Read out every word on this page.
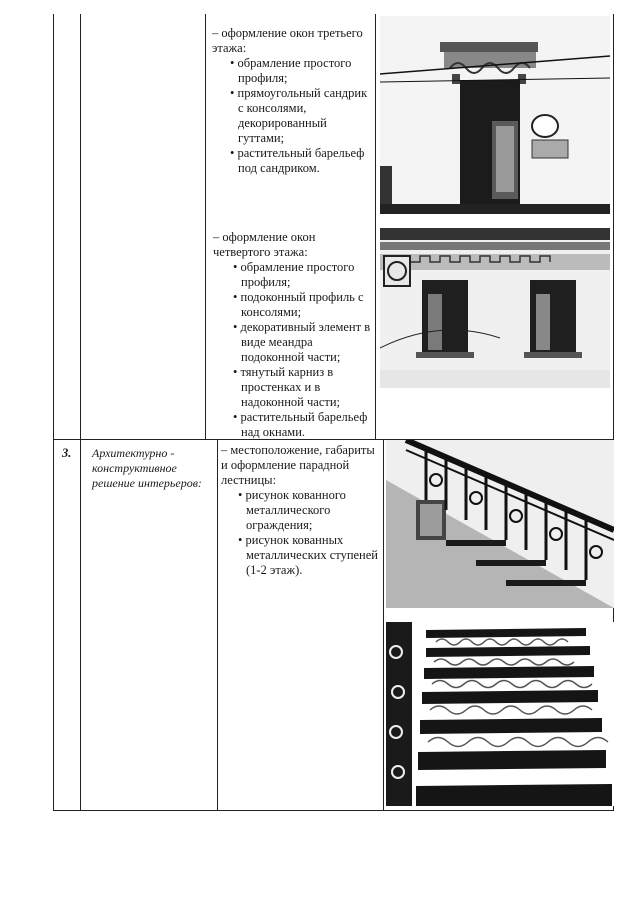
– оформление окон третьего этажа:

• обрамление простого профиля;

• прямоугольный сандрик с консолями, декорированный гуттами;

• растительный барельеф под сандриком.

– оформление окон четвертого этажа:

• обрамление простого профиля;

• подоконный профиль с консолями;

• декоративный элемент в виде меандра подоконной части;

• тянутый карниз в простенках и в надоконной части;

• растительный барельеф над окнами.

3. Архитектурно - конструктивное решение интерьеров:

– местоположение, габариты и оформление парадной лестницы:

• рисунок кованного металлического ограждения;

• рисунок кованных металлических ступеней (1-2 этаж).
